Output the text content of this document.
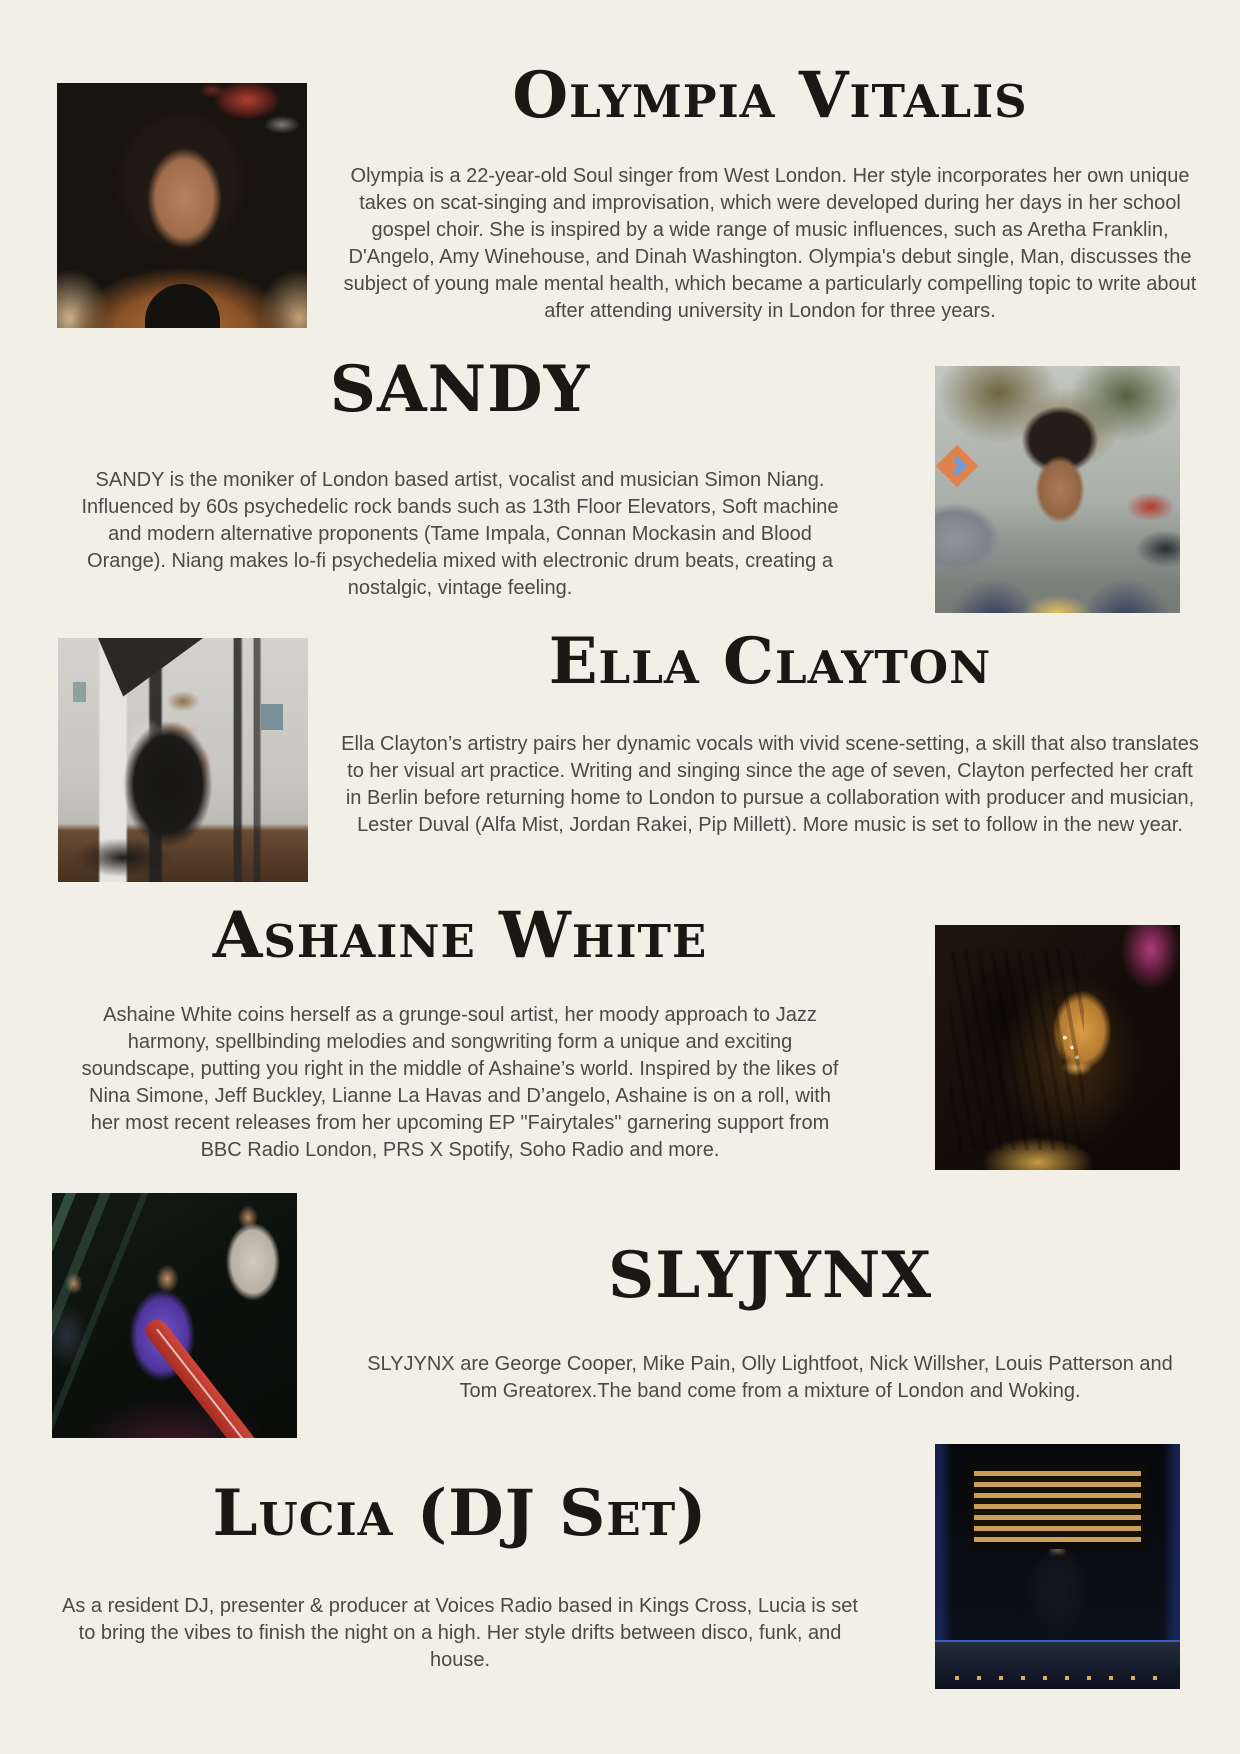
Olympia Vitalis

Olympia is a 22-year-old Soul singer from West London. Her style incorporates her own unique takes on scat-singing and improvisation, which were developed during her days in her school gospel choir. She is inspired by a wide range of music influences, such as Aretha Franklin, D'Angelo, Amy Winehouse, and Dinah Washington. Olympia's debut single, Man, discusses the subject of young male mental health, which became a particularly compelling topic to write about after attending university in London for three years.

SANDY

SANDY is the moniker of London based artist, vocalist and musician Simon Niang. Influenced by 60s psychedelic rock bands such as 13th Floor Elevators, Soft machine and modern alternative proponents (Tame Impala, Connan Mockasin and Blood Orange). Niang makes lo-fi psychedelia mixed with electronic drum beats, creating a nostalgic, vintage feeling.

Ella Clayton

Ella Clayton’s artistry pairs her dynamic vocals with vivid scene-setting, a skill that also translates to her visual art practice. Writing and singing since the age of seven, Clayton perfected her craft in Berlin before returning home to London to pursue a collaboration with producer and musician, Lester Duval (Alfa Mist, Jordan Rakei, Pip Millett). More music is set to follow in the new year.

Ashaine White

Ashaine White coins herself as a grunge-soul artist, her moody approach to Jazz harmony, spellbinding melodies and songwriting form a unique and exciting soundscape, putting you right in the middle of Ashaine’s world. Inspired by the likes of Nina Simone, Jeff Buckley, Lianne La Havas and D’angelo, Ashaine is on a roll, with her most recent releases from her upcoming EP "Fairytales" garnering support from BBC Radio London, PRS X Spotify, Soho Radio and more.

SLYJYNX

SLYJYNX are George Cooper, Mike Pain, Olly Lightfoot, Nick Willsher, Louis Patterson and Tom Greatorex.The band come from a mixture of London and Woking.

Lucia (DJ Set)

As a resident DJ, presenter & producer at Voices Radio based in Kings Cross, Lucia is set to bring the vibes to finish the night on a high. Her style drifts between disco, funk, and house.
